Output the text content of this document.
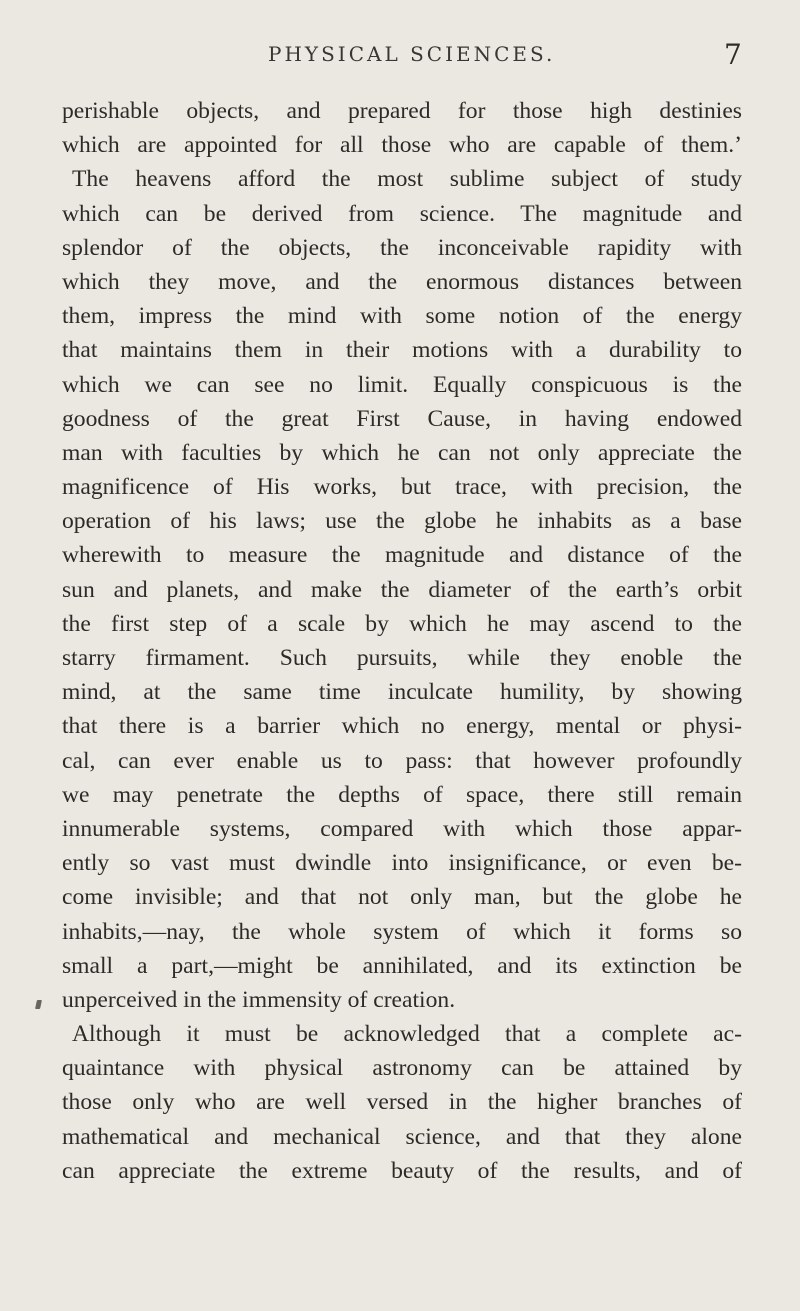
PHYSICAL SCIENCES.	7
perishable objects, and prepared for those high destinies
which are appointed for all those who are capable of them.’
The heavens afford the most sublime subject of study
which can be derived from science. The magnitude and
splendor of the objects, the inconceivable rapidity with
which they move, and the enormous distances between
them, impress the mind with some notion of the energy
that maintains them in their motions with a durability to
which we can see no limit. Equally conspicuous is the
goodness of the great First Cause, in having endowed
man with faculties by which he can not only appreciate the
magnificence of His works, but trace, with precision, the
operation of his laws; use the globe he inhabits as a base
wherewith to measure the magnitude and distance of the
sun and planets, and make the diameter of the earth’s orbit
the first step of a scale by which he may ascend to the
starry firmament. Such pursuits, while they enoble the
mind, at the same time inculcate humility, by showing
that there is a barrier which no energy, mental or physi-
cal, can ever enable us to pass: that however profoundly
we may penetrate the depths of space, there still remain
innumerable systems, compared with which those appar-
ently so vast must dwindle into insignificance, or even be-
come invisible; and that not only man, but the globe he
inhabits,—nay, the whole system of which it forms so
small a part,—might be annihilated, and its extinction be
unperceived in the immensity of creation.
Although it must be acknowledged that a complete ac-
quaintance with physical astronomy can be attained by
those only who are well versed in the higher branches of
mathematical and mechanical science, and that they alone
can appreciate the extreme beauty of the results, and of
